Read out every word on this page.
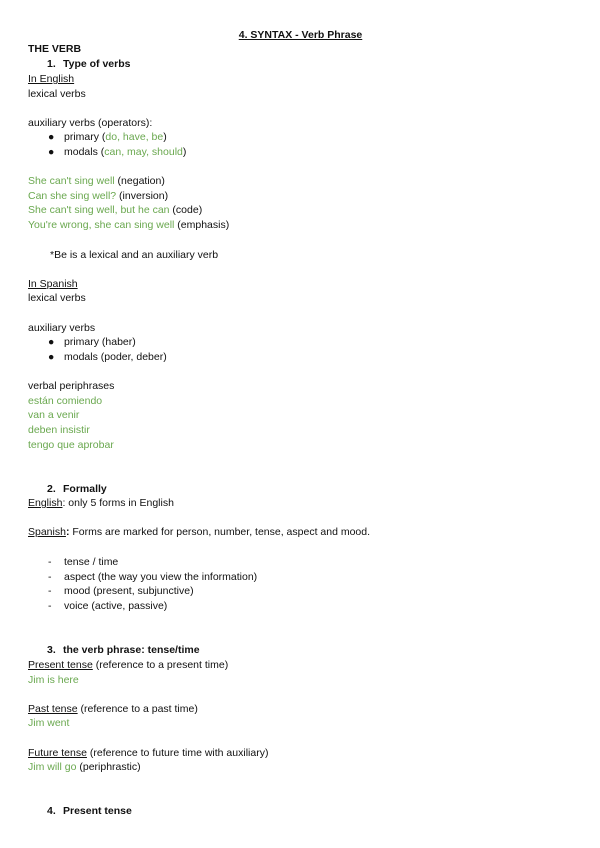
4. SYNTAX - Verb Phrase
THE VERB
1. Type of verbs
In English
lexical verbs
auxiliary verbs (operators):
● primary (do, have, be)
● modals (can, may, should)
She can't sing well (negation)
Can she sing well? (inversion)
She can't sing well, but he can (code)
You're wrong, she can sing well (emphasis)
*Be is a lexical and an auxiliary verb
In Spanish
lexical verbs
auxiliary verbs
● primary (haber)
● modals (poder, deber)
verbal periphrases
están comiendo
van a venir
deben insistir
tengo que aprobar
2. Formally
English: only 5 forms in English
Spanish: Forms are marked for person, number, tense, aspect and mood.
- tense / time
- aspect (the way you view the information)
- mood (present, subjunctive)
- voice (active, passive)
3. the verb phrase: tense/time
Present tense (reference to a present time)
Jim is here
Past tense (reference to a past time)
Jim went
Future tense (reference to future time with auxiliary)
Jim will go (periphrastic)
4. Present tense
